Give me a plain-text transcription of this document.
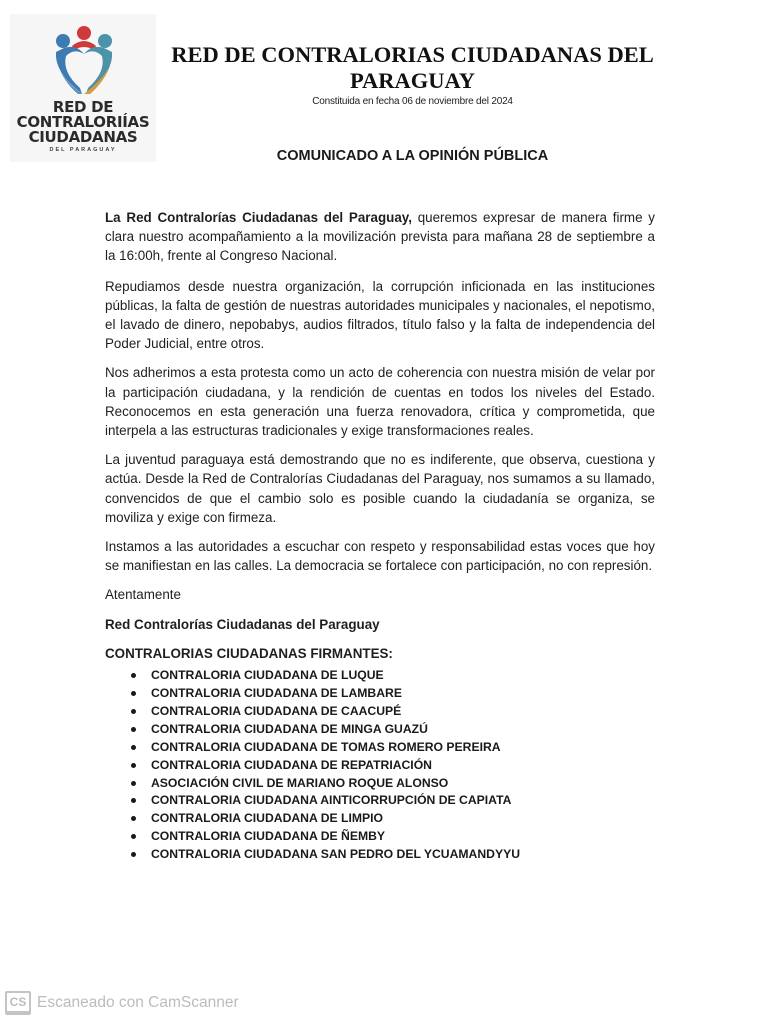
RED DE
CONTRALORIÍAS
CIUDADANAS
DEL PARAGUAY
RED DE CONTRALORIAS CIUDADANAS DEL PARAGUAY
Constituida en fecha 06 de noviembre del 2024
COMUNICADO A LA OPINIÓN PÚBLICA

La Red Contralorías Ciudadanas del Paraguay, queremos expresar de manera firme y clara nuestro acompañamiento a la movilización prevista para mañana 28 de septiembre a la 16:00h, frente al Congreso Nacional.

Repudiamos desde nuestra organización, la corrupción inficionada en las instituciones públicas, la falta de gestión de nuestras autoridades municipales y nacionales, el nepotismo, el lavado de dinero, nepobabys, audios filtrados, título falso y la falta de independencia del Poder Judicial, entre otros.

Nos adherimos a esta protesta como un acto de coherencia con nuestra misión de velar por la participación ciudadana, y la rendición de cuentas en todos los niveles del Estado. Reconocemos en esta generación una fuerza renovadora, crítica y comprometida, que interpela a las estructuras tradicionales y exige transformaciones reales.

La juventud paraguaya está demostrando que no es indiferente, que observa, cuestiona y actúa. Desde la Red de Contralorías Ciudadanas del Paraguay, nos sumamos a su llamado, convencidos de que el cambio solo es posible cuando la ciudadanía se organiza, se moviliza y exige con firmeza.

Instamos a las autoridades a escuchar con respeto y responsabilidad estas voces que hoy se manifiestan en las calles. La democracia se fortalece con participación, no con represión.

Atentamente

Red Contralorías Ciudadanas del Paraguay

CONTRALORIAS CIUDADANAS FIRMANTES:

CONTRALORIA CIUDADANA DE LUQUE
CONTRALORIA CIUDADANA DE LAMBARE
CONTRALORIA CIUDADANA DE CAACUPÉ
CONTRALORIA CIUDADANA DE MINGA GUAZÚ
CONTRALORIA CIUDADANA DE TOMAS ROMERO PEREIRA
CONTRALORIA CIUDADANA DE REPATRIACIÓN
ASOCIACIÓN CIVIL DE MARIANO ROQUE ALONSO
CONTRALORIA CIUDADANA AINTICORRUPCIÓN DE CAPIATA
CONTRALORIA CIUDADANA DE LIMPIO
CONTRALORIA CIUDADANA DE ÑEMBY
CONTRALORIA CIUDADANA SAN PEDRO DEL YCUAMANDYYU
CS Escaneado con CamScanner
